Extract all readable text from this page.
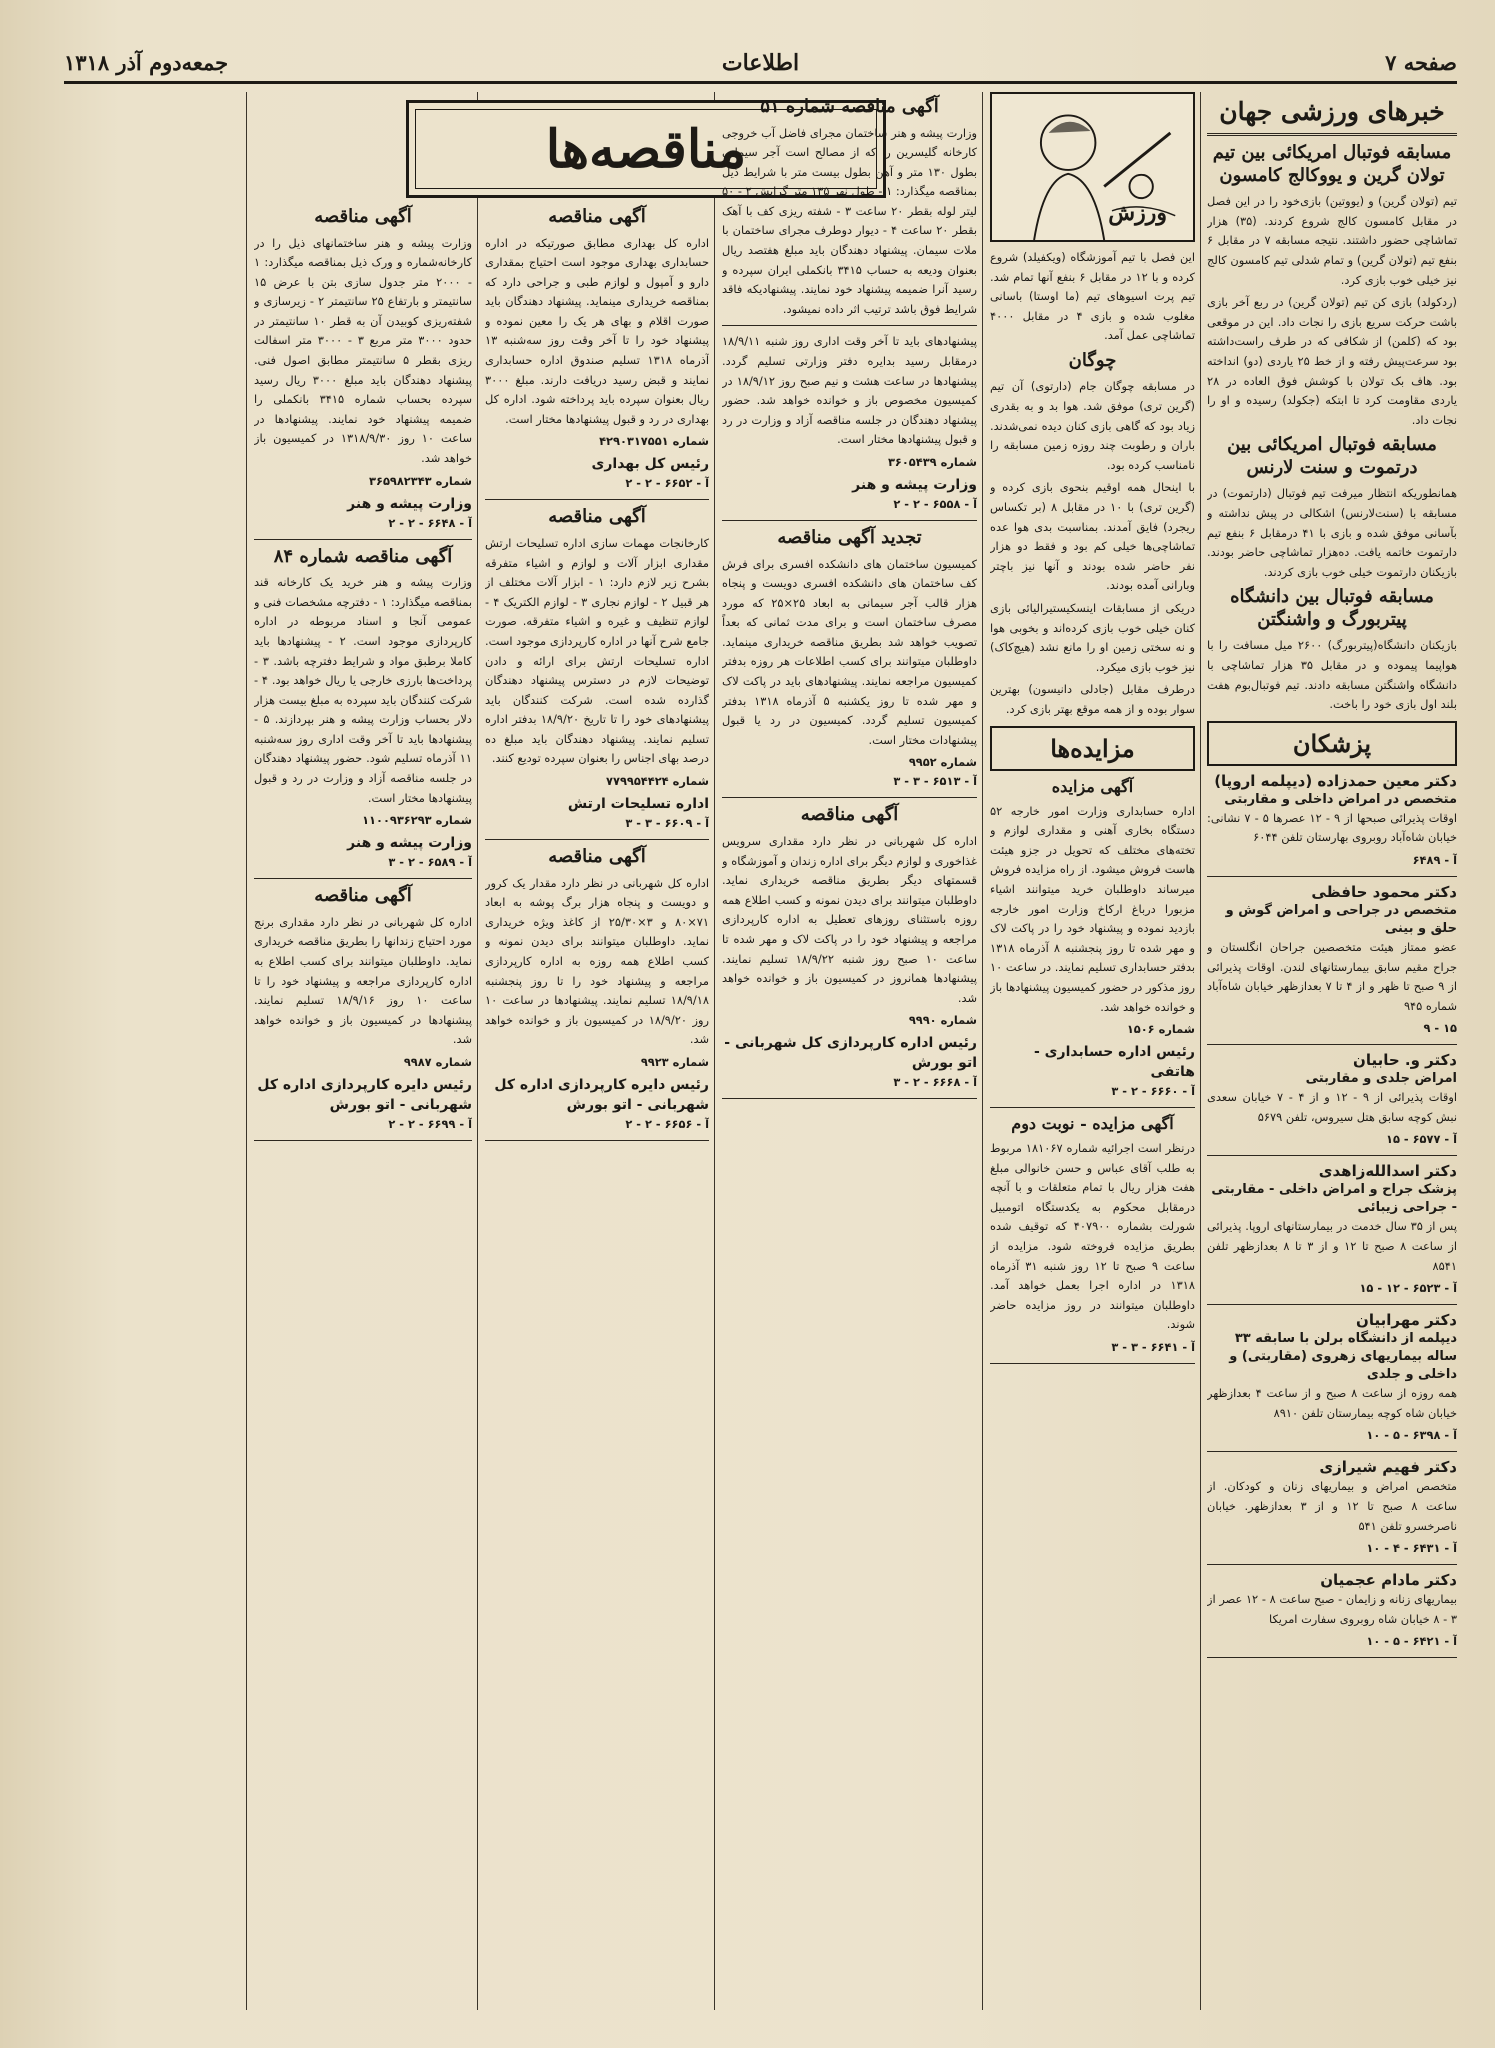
صفحه ۷
اطلاعات
جمعه‌دوم آذر ۱۳۱۸
مناقصه‌ها
خبرهای ورزشی جهان
مسابقه فوتبال امریکائی بین تیم تولان گرین و یووکالج کامسون
تیم (تولان گرین) و (یووتین) بازی‌خود را در این فصل در مقابل کامسون کالج شروع کردند. (۳۵) هزار تماشاچی حضور داشتند. نتیجه مسابقه ۷ در مقابل ۶ بنفع تیم (تولان گرین) و تمام شدلی تیم کامسون کالج نیز خیلی خوب بازی کرد.
(ردکولد) بازی کن تیم (تولان گرین) در ربع آخر بازی باشت حرکت سریع بازی را نجات داد. این در موقعی بود که (کلمن) از شکافی که در طرف راست‌داشته بود سرعت‌پیش رفته و از خط ۲۵ یاردی (دو) انداخته بود. هاف بک تولان با کوشش فوق العاده در ۲۸ یاردی مقاومت کرد تا ابتکه (جکولد) رسیده و او را نجات داد.
مسابقه فوتبال امریکائی بین درتموت و سنت لارنس
همانطوریکه انتظار میرفت تیم فوتبال (دارتموت) در مسابقه با (سنت‌لارنس) اشکالی در پیش نداشته و بآسانی موفق شده و بازی با ۴۱ درمقابل ۶ بنفع تیم دارتموت خاتمه یافت. ده‌هزار تماشاچی حاضر بودند. بازیکنان دارتموت خیلی خوب بازی کردند.
مسابقه فوتبال بین دانشگاه پیتربورگ و واشنگتن
بازیکنان دانشگاه(پیتربورگ) ۲۶۰۰ میل مسافت را با هواپیما پیموده و در مقابل ۳۵ هزار تماشاچی با دانشگاه واشنگتن مسابقه دادند. تیم فوتبال‌بوم هفت بلند اول بازی خود را باخت.
پزشکان
دکتر معین حمدزاده (دیپلمه اروپا)
متخصص در امراض داخلی و مقاربتی
اوقات پذیرائی صبحها از ۹ - ۱۲ عصرها ۵ - ۷ نشانی: خیابان شاه‌آباد روبروی بهارستان تلفن ۶۰۴۴
آ - ۶۴۸۹
دکتر محمود حافظی
متخصص در جراحی و امراض گوش و حلق و بینی
عضو ممتاز هیئت متخصصین جراحان انگلستان و جراح مقیم سابق بیمارستانهای لندن. اوقات پذیرائی از ۹ صبح تا ظهر و از ۴ تا ۷ بعدازظهر خیابان شاه‌آباد شماره ۹۴۵
۱۵ - ۹
دکتر و. حابیان
امراض جلدی و مقاربتی
اوقات پذیرائی از ۹ - ۱۲ و از ۴ - ۷ خیابان سعدی نبش کوچه سابق هتل سیروس، تلفن ۵۶۷۹
آ - ۶۵۷۷ - ۱۵
دکتر اسدالله‌زاهدی
پزشک جراح و امراض داخلی - مقاربتی - جراحی زیبائی
پس از ۳۵ سال خدمت در بیمارستانهای اروپا. پذیرائی از ساعت ۸ صبح تا ۱۲ و از ۳ تا ۸ بعدازظهر تلفن ۸۵۴۱
آ - ۶۵۲۳ - ۱۲ - ۱۵
دکتر مهرابیان
دیپلمه از دانشگاه برلن با سابقه ۳۳ ساله بیماریهای زهروی (مقاربتی) و داخلی و جلدی
همه روزه از ساعت ۸ صبح و از ساعت ۴ بعدازظهر خیابان شاه کوچه بیمارستان تلفن ۸۹۱۰
آ - ۶۳۹۸ - ۵ - ۱۰
دکتر فهیم شیرازی
متخصص امراض و بیماریهای زنان و کودکان. از ساعت ۸ صبح تا ۱۲ و از ۳ بعدازظهر. خیابان ناصرخسرو تلفن ۵۴۱
آ - ۶۴۳۱ - ۴ - ۱۰
دکتر مادام عجمیان
بیماریهای زنانه و زایمان - صبح ساعت ۸ - ۱۲ عصر از ۳ - ۸ خیابان شاه روبروی سفارت امریکا
آ - ۶۴۲۱ - ۵ - ۱۰
ورزش
این فصل با تیم آموزشگاه (ویکفیلد) شروع کرده و با ۱۲ در مقابل ۶ بنفع آنها تمام شد. تیم پرت اسیوهای تیم (ما اوستا) باسانی مغلوب شده و بازی ۴ در مقابل ۴۰۰۰ تماشاچی عمل آمد.
چوگان
در مسابقه چوگان جام (دارتوی) آن تیم (گرین تری) موفق شد. هوا بد و به بقدری زیاد بود که گاهی بازی کنان دیده نمی‌شدند. باران و رطوبت چند روزه زمین مسابقه را نامناسب کرده بود.
با اینحال همه اوقیم بنحوی بازی کرده و (گرین تری) با ۱۰ در مقابل ۸ (بر تکساس ریجرد) فایق آمدند. بمناسبت بدی هوا عده تماشاچی‌ها خیلی کم بود و فقط دو هزار نفر حاضر شده بودند و آنها نیز باچتر وبارانی آمده بودند.
دریکی از مسابقات اینسکیستیرالیائی بازی کنان خیلی خوب بازی کرده‌اند و بخوبی هوا و نه سختی زمین او را مانع نشد (هیچ‌کاک) نیز خوب بازی میکرد.
درطرف مقابل (جادلی دانیسون) بهترین سوار بوده و از همه موقع بهتر بازی کرد.
مزایده‌ها
آگهی مزایده
اداره حسابداری وزارت امور خارجه ۵۲ دستگاه بخاری آهنی و مقداری لوازم و تخته‌های مختلف که تحویل در جزو هیئت هاست فروش میشود. از راه مزایده فروش میرساند داوطلبان خرید میتوانند اشیاء مزبورا درباغ ارکاخ وزارت امور خارجه بازدید نموده و پیشنهاد خود را در پاکت لاک و مهر شده تا روز پنجشنبه ۸ آذرماه ۱۳۱۸ بدفتر حسابداری تسلیم نمایند. در ساعت ۱۰ روز مذکور در حضور کمیسیون پیشنهادها باز و خوانده خواهد شد.
شماره ۱۵۰۶
رئیس اداره حسابداری - هاتفی
آ - ۶۶۶۰ - ۲ - ۳
آگهی مزایده - نوبت دوم
درنظر است اجرائیه شماره ۱۸۱۰۶۷ مربوط به طلب آقای عباس و حسن خانوالی مبلغ هفت هزار ریال با تمام متعلقات و با آنچه درمقابل محکوم به یکدستگاه اتومبیل شورلت بشماره ۴۰۷۹۰۰ که توقیف شده بطریق مزایده فروخته شود. مزایده از ساعت ۹ صبح تا ۱۲ روز شنبه ۳۱ آذرماه ۱۳۱۸ در اداره اجرا بعمل خواهد آمد. داوطلبان میتوانند در روز مزایده حاضر شوند.
آ - ۶۶۴۱ - ۳ - ۳
آگهی مناقصه شماره ۵۱
وزارت پیشه و هنر ساختمان مجرای فاضل آب خروجی کارخانه گلیسرین را که از مصالح است آجر سیمانی بطول ۱۳۰ متر و آهن بطول بیست متر با شرایط ذیل بمناقصه میگذارد: ۱ - طول نهر ۱۳۵ متر گرایش ۲ - ۵۰ لیتر لوله بقطر ۲۰ ساعت ۳ - شفته ریزی کف با آهک بقطر ۲۰ ساعت ۴ - دیوار دوطرف مجرای ساختمان با ملات سیمان. پیشنهاد دهندگان باید مبلغ هفتصد ریال بعنوان ودیعه به حساب ۳۴۱۵ بانکملی ایران سپرده و رسید آنرا ضمیمه پیشنهاد خود نمایند. پیشنهادیکه فاقد شرایط فوق باشد ترتیب اثر داده نمیشود.
پیشنهادهای باید تا آخر وقت اداری روز شنبه ۱۸/۹/۱۱ درمقابل رسید بدایره دفتر وزارتی تسلیم گردد. پیشنهادها در ساعت هشت و نیم صبح روز ۱۸/۹/۱۲ در کمیسیون مخصوص باز و خوانده خواهد شد. حضور پیشنهاد دهندگان در جلسه مناقصه آزاد و وزارت در رد و قبول پیشنهادها مختار است.
شماره ۳۶۰۵۴۳۹
وزارت پیشه و هنر
آ - ۶۵۵۸ - ۲ - ۲
تجدید آگهی مناقصه
کمیسیون ساختمان های دانشکده افسری برای فرش کف ساختمان های دانشکده افسری دویست و پنجاه هزار قالب آجر سیمانی به ابعاد ۲۵×۲۵ که مورد مصرف ساختمان است و برای مدت ثمانی که بعداً تصویب خواهد شد بطریق مناقصه خریداری مینماید. داوطلبان میتوانند برای کسب اطلاعات هر روزه بدفتر کمیسیون مراجعه نمایند. پیشنهادهای باید در پاکت لاک و مهر شده تا روز یکشنبه ۵ آذرماه ۱۳۱۸ بدفتر کمیسیون تسلیم گردد. کمیسیون در رد یا قبول پیشنهادات مختار است.
شماره ۹۹۵۲
آ - ۶۵۱۳ - ۳ - ۳
آگهی مناقصه
اداره کل شهربانی در نظر دارد مقداری سرویس غذاخوری و لوازم دیگر برای اداره زندان و آموزشگاه و قسمتهای دیگر بطریق مناقصه خریداری نماید. داوطلبان میتوانند برای دیدن نمونه و کسب اطلاع همه روزه باستثنای روزهای تعطیل به اداره کارپردازی مراجعه و پیشنهاد خود را در پاکت لاک و مهر شده تا ساعت ۱۰ صبح روز شنبه ۱۸/۹/۲۲ تسلیم نمایند. پیشنهادها همانروز در کمیسیون باز و خوانده خواهد شد.
شماره ۹۹۹۰
رئیس اداره کارپردازی کل شهربانی - اتو بورش
آ - ۶۶۶۸ - ۲ - ۳
آگهی مناقصه
اداره کل بهداری مطابق صورتیکه در اداره حسابداری بهداری موجود است احتیاج بمقداری دارو و آمپول و لوازم طبی و جراحی دارد که بمناقصه خریداری مینماید. پیشنهاد دهندگان باید صورت اقلام و بهای هر یک را معین نموده و پیشنهاد خود را تا آخر وقت روز سه‌شنبه ۱۳ آذرماه ۱۳۱۸ تسلیم صندوق اداره حسابداری نمایند و قبض رسید دریافت دارند. مبلغ ۳۰۰۰ ریال بعنوان سپرده باید پرداخته شود. اداره کل بهداری در رد و قبول پیشنهادها مختار است.
شماره ۴۲۹۰۳۱۷۵۵۱
رئیس کل بهداری
آ - ۶۶۵۲ - ۲ - ۲
آگهی مناقصه
کارخانجات مهمات سازی اداره تسلیحات ارتش مقداری ابزار آلات و لوازم و اشیاء متفرقه بشرح زیر لازم دارد: ۱ - ابزار آلات مختلف از هر قبیل ۲ - لوازم نجاری ۳ - لوازم الکتریک ۴ - لوازم تنظیف و غیره و اشیاء متفرقه. صورت جامع شرح آنها در اداره کارپردازی موجود است. اداره تسلیحات ارتش برای ارائه و دادن توضیحات لازم در دسترس پیشنهاد دهندگان گذارده شده است. شرکت کنندگان باید پیشنهادهای خود را تا تاریخ ۱۸/۹/۲۰ بدفتر اداره تسلیم نمایند. پیشنهاد دهندگان باید مبلغ ده درصد بهای اجناس را بعنوان سپرده تودیع کنند.
شماره ۷۷۹۹۵۴۴۲۴
اداره تسلیحات ارتش
آ - ۶۶۰۹ - ۳ - ۳
آگهی مناقصه
اداره کل شهربانی در نظر دارد مقدار یک کرور و دویست و پنجاه هزار برگ پوشه به ابعاد ۷۱×۸۰ و ۳×۲۵/۳۰ از کاغذ ویژه خریداری نماید. داوطلبان میتوانند برای دیدن نمونه و کسب اطلاع همه روزه به اداره کارپردازی مراجعه و پیشنهاد خود را تا روز پنجشنبه ۱۸/۹/۱۸ تسلیم نمایند. پیشنهادها در ساعت ۱۰ روز ۱۸/۹/۲۰ در کمیسیون باز و خوانده خواهد شد.
شماره ۹۹۲۳
رئیس دایره کارپردازی اداره کل شهربانی - اتو بورش
آ - ۶۶۵۶ - ۲ - ۲
آگهی مناقصه
وزارت پیشه و هنر ساختمانهای ذیل را در کارخانه‌شماره و ورک ذیل بمناقصه میگذارد: ۱ - ۲۰۰۰ متر جدول سازی بتن با عرض ۱۵ سانتیمتر و بارتفاع ۲۵ سانتیمتر ۲ - زیرسازی و شفته‌ریزی کوبیدن آن به قطر ۱۰ سانتیمتر در حدود ۳۰۰۰ متر مربع ۳ - ۳۰۰۰ متر اسفالت ریزی بقطر ۵ سانتیمتر مطابق اصول فنی. پیشنهاد دهندگان باید مبلغ ۳۰۰۰ ریال رسید سپرده بحساب شماره ۳۴۱۵ بانکملی را ضمیمه پیشنهاد خود نمایند. پیشنهادها در ساعت ۱۰ روز ۱۳۱۸/۹/۳۰ در کمیسیون باز خواهد شد.
شماره ۳۶۵۹۸۲۳۴۳
وزارت پیشه و هنر
آ - ۶۶۴۸ - ۲ - ۲
آگهی مناقصه شماره ۸۴
وزارت پیشه و هنر خرید یک کارخانه قند بمناقصه میگذارد: ۱ - دفترچه مشخصات فنی و عمومی آنجا و اسناد مربوطه در اداره کارپردازی موجود است. ۲ - پیشنهادها باید کاملا برطبق مواد و شرایط دفترچه باشد. ۳ - پرداخت‌ها بارزی خارجی یا ریال خواهد بود. ۴ - شرکت کنندگان باید سپرده به مبلغ بیست هزار دلار بحساب وزارت پیشه و هنر بپردازند. ۵ - پیشنهادها باید تا آخر وقت اداری روز سه‌شنبه ۱۱ آذرماه تسلیم شود. حضور پیشنهاد دهندگان در جلسه مناقصه آزاد و وزارت در رد و قبول پیشنهادها مختار است.
شماره ۱۱۰۰۹۳۶۲۹۳
وزارت پیشه و هنر
آ - ۶۵۸۹ - ۲ - ۳
آگهی مناقصه
اداره کل شهربانی در نظر دارد مقداری برنج مورد احتیاج زندانها را بطریق مناقصه خریداری نماید. داوطلبان میتوانند برای کسب اطلاع به اداره کارپردازی مراجعه و پیشنهاد خود را تا ساعت ۱۰ روز ۱۸/۹/۱۶ تسلیم نمایند. پیشنهادها در کمیسیون باز و خوانده خواهد شد.
شماره ۹۹۸۷
رئیس دایره کارپردازی اداره کل شهربانی - اتو بورش
آ - ۶۶۹۹ - ۲ - ۲
